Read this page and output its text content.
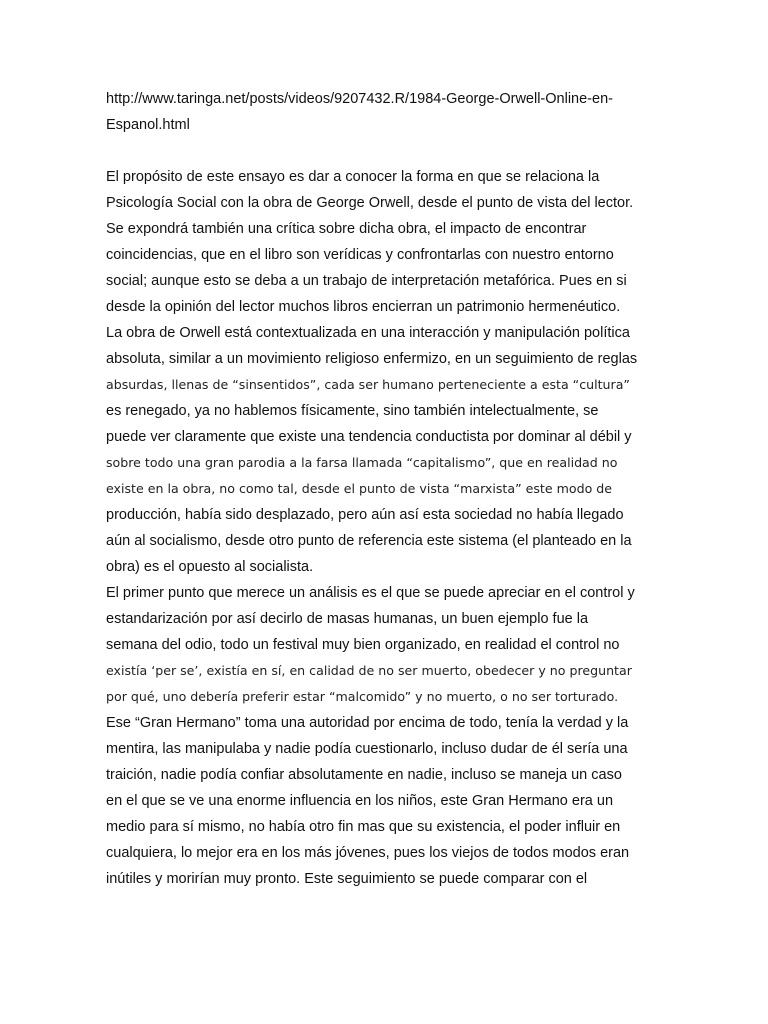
http://www.taringa.net/posts/videos/9207432.R/1984-George-Orwell-Online-en-
Espanol.html
El propósito de este ensayo es dar a conocer la forma en que se relaciona la
Psicología Social con la obra de George Orwell, desde el punto de vista del lector.
Se expondrá también una crítica sobre dicha obra, el impacto de encontrar
coincidencias, que en el libro son verídicas y confrontarlas con nuestro entorno
social; aunque esto se deba a un trabajo de interpretación metafórica. Pues en si
desde la opinión del lector muchos libros encierran un patrimonio hermenéutico.
La obra de Orwell está contextualizada en una interacción y manipulación política
absoluta, similar a un movimiento religioso enfermizo, en un seguimiento de reglas
absurdas, llenas de “sinsentidos”, cada ser humano perteneciente a esta “cultura”
es renegado, ya no hablemos físicamente, sino también intelectualmente, se
puede ver claramente que existe una tendencia conductista por dominar al débil y
sobre todo una gran parodia a la farsa llamada “capitalismo”, que en realidad no
existe en la obra, no como tal, desde el punto de vista “marxista” este modo de
producción, había sido desplazado, pero aún así esta sociedad no había llegado
aún al socialismo, desde otro punto de referencia este sistema (el planteado en la
obra) es el opuesto al socialista.
El primer punto que merece un análisis es el que se puede apreciar en el control y
estandarización por así decirlo de masas humanas, un buen ejemplo fue la
semana del odio, todo un festival muy bien organizado, en realidad el control no
existía ‘per se’, existía en sí, en calidad de no ser muerto, obedecer y no preguntar
por qué, uno debería preferir estar “malcomido” y no muerto, o no ser torturado.
Ese “Gran Hermano” toma una autoridad por encima de todo, tenía la verdad y la
mentira, las manipulaba y nadie podía cuestionarlo, incluso dudar de él sería una
traición, nadie podía confiar absolutamente en nadie, incluso se maneja un caso
en el que se ve una enorme influencia en los niños, este Gran Hermano era un
medio para sí mismo, no había otro fin mas que su existencia, el poder influir en
cualquiera, lo mejor era en los más jóvenes, pues los viejos de todos modos eran
inútiles y morirían muy pronto. Este seguimiento se puede comparar con el
